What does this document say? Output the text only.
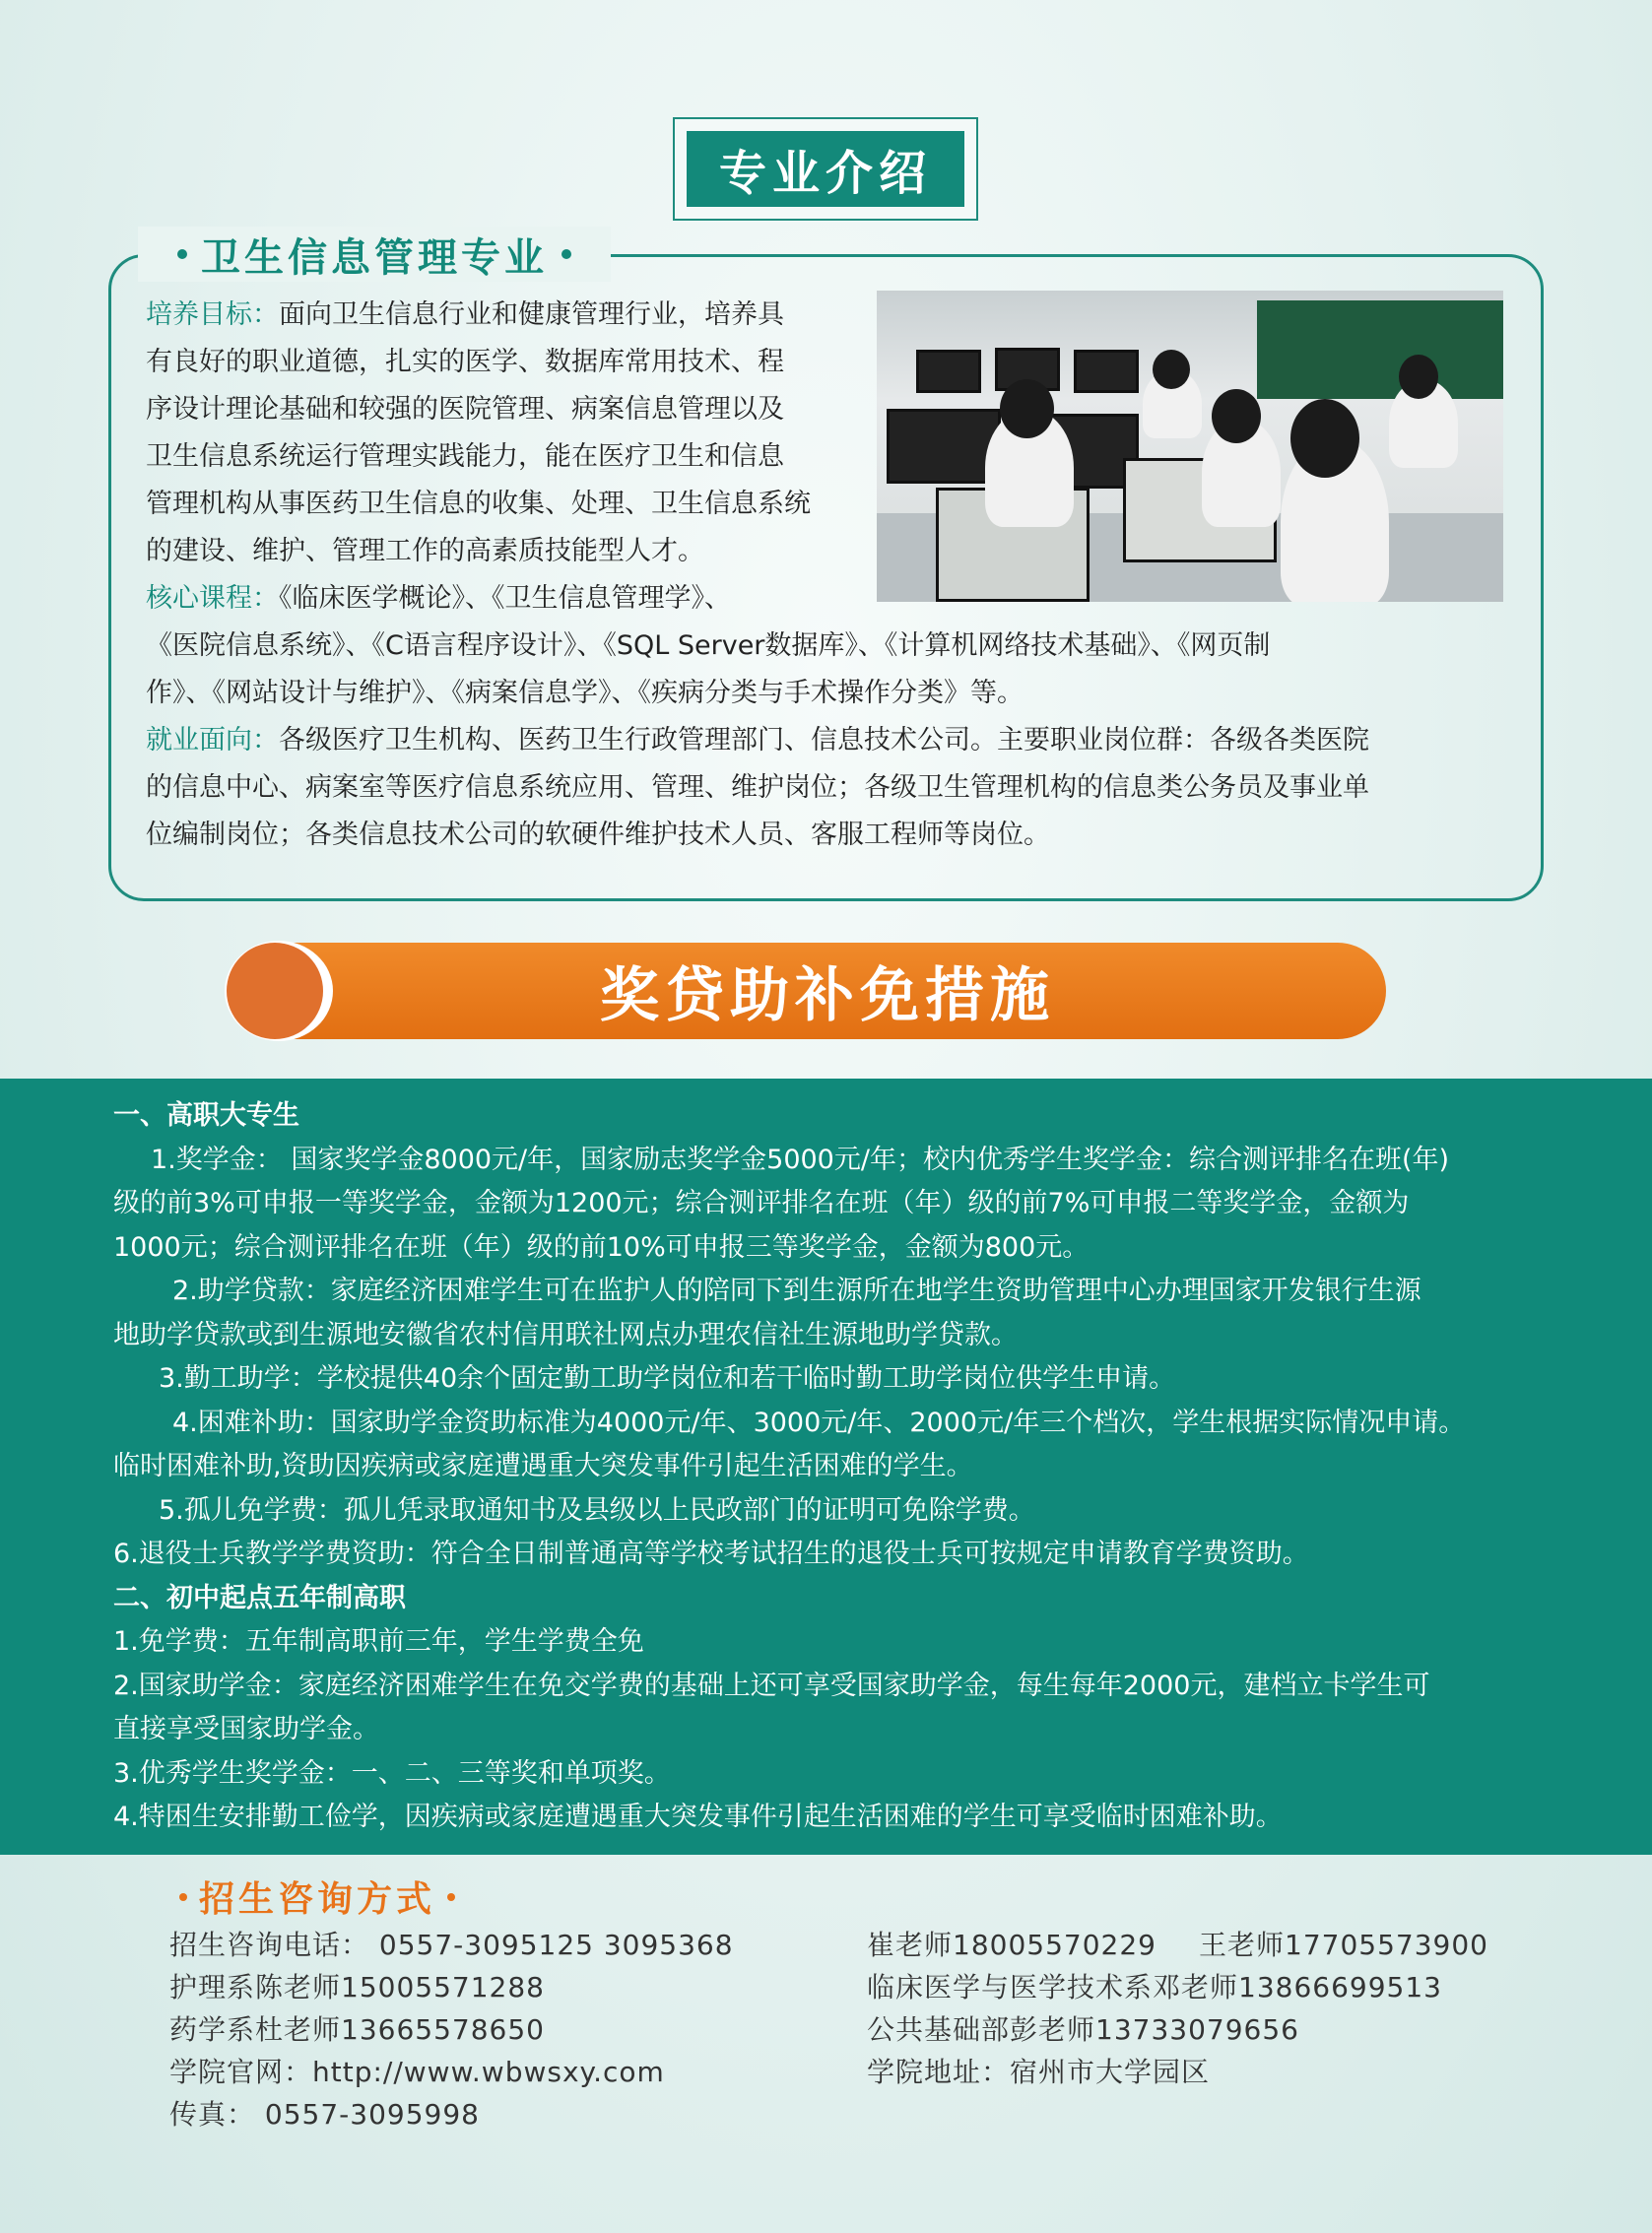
专业介绍
卫生信息管理专业
培养目标：面向卫生信息行业和健康管理行业，培养具
有良好的职业道德，扎实的医学、数据库常用技术、程
序设计理论基础和较强的医院管理、病案信息管理以及
卫生信息系统运行管理实践能力，能在医疗卫生和信息
管理机构从事医药卫生信息的收集、处理、卫生信息系统
的建设、维护、管理工作的高素质技能型人才。
核心课程：《临床医学概论》、《卫生信息管理学》、
《医院信息系统》、《C语言程序设计》、《SQL Server数据库》、《计算机网络技术基础》、《网页制
作》、《网站设计与维护》、《病案信息学》、《疾病分类与手术操作分类》等。
就业面向：各级医疗卫生机构、医药卫生行政管理部门、信息技术公司。主要职业岗位群：各级各类医院
的信息中心、病案室等医疗信息系统应用、管理、维护岗位；各级卫生管理机构的信息类公务员及事业单
位编制岗位；各类信息技术公司的软硬件维护技术人员、客服工程师等岗位。
奖贷助补免措施
一、高职大专生
1.奖学金： 国家奖学金8000元/年，国家励志奖学金5000元/年；校内优秀学生奖学金：综合测评排名在班(年)
级的前3%可申报一等奖学金，金额为1200元；综合测评排名在班（年）级的前7%可申报二等奖学金，金额为
1000元；综合测评排名在班（年）级的前10%可申报三等奖学金，金额为800元。
2.助学贷款：家庭经济困难学生可在监护人的陪同下到生源所在地学生资助管理中心办理国家开发银行生源
地助学贷款或到生源地安徽省农村信用联社网点办理农信社生源地助学贷款。
3.勤工助学：学校提供40余个固定勤工助学岗位和若干临时勤工助学岗位供学生申请。
4.困难补助：国家助学金资助标准为4000元/年、3000元/年、2000元/年三个档次，学生根据实际情况申请。
临时困难补助,资助因疾病或家庭遭遇重大突发事件引起生活困难的学生。
5.孤儿免学费：孤儿凭录取通知书及县级以上民政部门的证明可免除学费。
6.退役士兵教学学费资助：符合全日制普通高等学校考试招生的退役士兵可按规定申请教育学费资助。
二、初中起点五年制高职
1.免学费：五年制高职前三年，学生学费全免
2.国家助学金：家庭经济困难学生在免交学费的基础上还可享受国家助学金，每生每年2000元，建档立卡学生可
直接享受国家助学金。
3.优秀学生奖学金：一、二、三等奖和单项奖。
4.特困生安排勤工俭学，因疾病或家庭遭遇重大突发事件引起生活困难的学生可享受临时困难补助。
招生咨询方式
招生咨询电话： 0557-3095125 3095368
护理系陈老师15005571288
药学系杜老师13665578650
学院官网：http://www.wbwsxy.com
传真： 0557-3095998
崔老师18005570229 王老师17705573900
临床医学与医学技术系邓老师13866699513
公共基础部彭老师13733079656
学院地址：宿州市大学园区
